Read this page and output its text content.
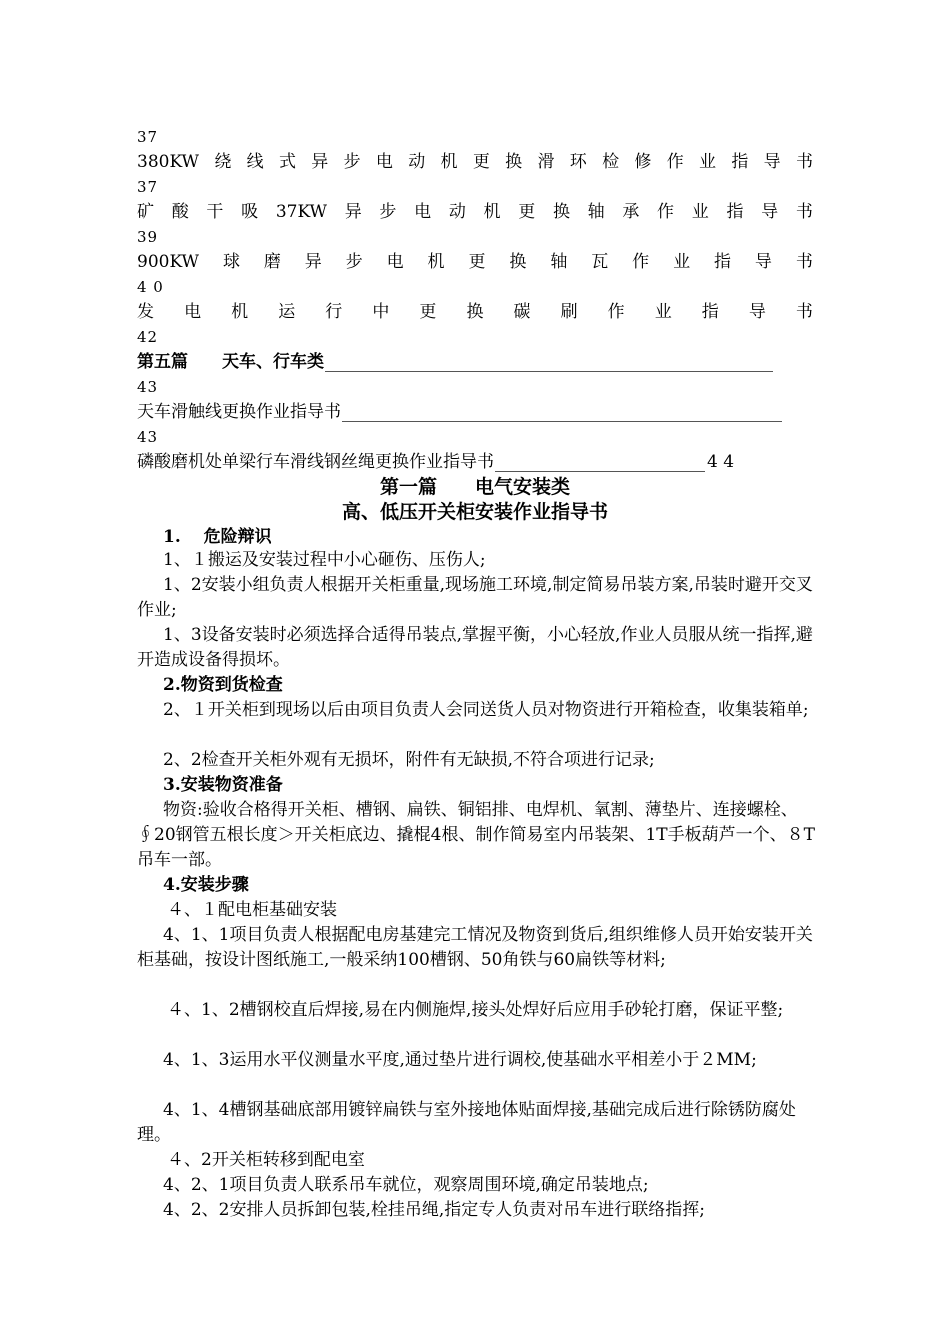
37
380KW 绕 线 式 异 步 电 动 机 更 换 滑 环 检 修 作 业 指 导 书
37
矿 酸 干 吸 37KW 异 步 电 动 机 更 换 轴 承 作 业 指 导 书
39
900KW 球 磨 异 步 电 机 更 换 轴 瓦 作 业 指 导 书
4 0
发 电 机 运 行 中 更 换 碳 刷 作 业 指 导 书
42
第五篇　　天车、行车类
43
天车滑触线更换作业指导书
43
磷酸磨机处单梁行车滑线钢丝绳更换作业指导书	4 4
第一篇　　电气安装类
高、低压开关柜安装作业指导书
1.　 危险辩识
1、１搬运及安装过程中小心砸伤、压伤人;
1、2安装小组负责人根据开关柜重量,现场施工环境,制定简易吊装方案,吊装时避开交叉作业;
1、3设备安装时必须选择合适得吊装点,掌握平衡，小心轻放,作业人员服从统一指挥,避开造成设备得损坏。
2.物资到货检查
2、１开关柜到现场以后由项目负责人会同送货人员对物资进行开箱检查，收集装箱单;
2、2检查开关柜外观有无损坏，附件有无缺损,不符合项进行记录;
3.安装物资准备
物资:验收合格得开关柜、槽钢、扁铁、铜铝排、电焊机、氧割、薄垫片、连接螺栓、∮20钢管五根长度＞开关柜底边、撬棍4根、制作简易室内吊装架、1T手板葫芦一个、８T吊车一部。
4.安装步骤
４、１配电柜基础安装
4、1、1项目负责人根据配电房基建完工情况及物资到货后,组织维修人员开始安装开关柜基础，按设计图纸施工,一般采纳100槽钢、50角铁与60扁铁等材料;
４、1、2槽钢校直后焊接,易在内侧施焊,接头处焊好后应用手砂轮打磨，保证平整;
4、1、3运用水平仪测量水平度,通过垫片进行调校,使基础水平相差小于２MM;
4、1、4槽钢基础底部用镀锌扁铁与室外接地体贴面焊接,基础完成后进行除锈防腐处理。
４、2开关柜转移到配电室
4、2、1项目负责人联系吊车就位，观察周围环境,确定吊装地点;
4、2、2安排人员拆卸包装,栓挂吊绳,指定专人负责对吊车进行联络指挥;
